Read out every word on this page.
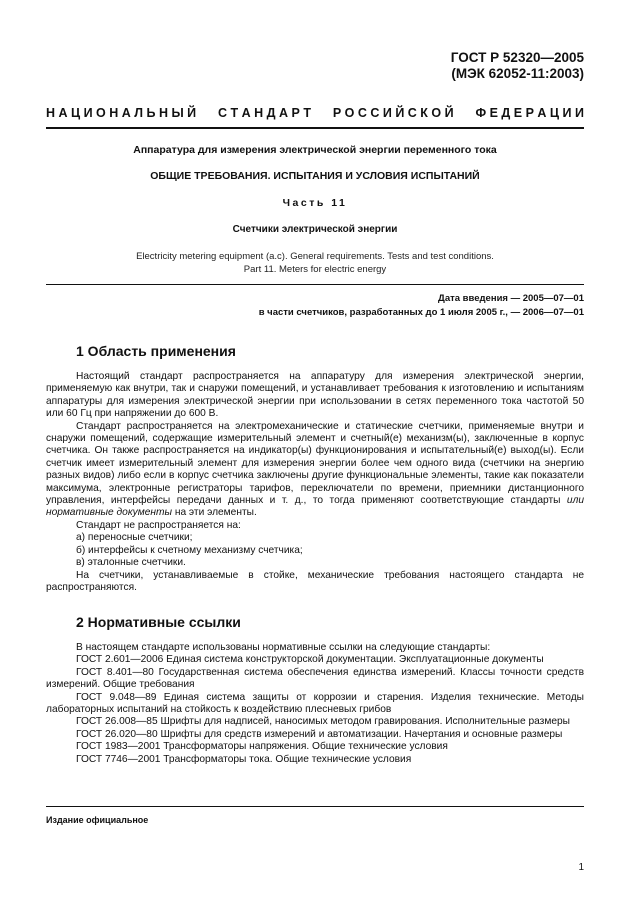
ГОСТ Р 52320—2005
(МЭК 62052-11:2003)
Н А Ц И О Н А Л Ь Н Ы Й С Т А Н Д А Р Т Р О С С И Й С К О Й Ф Е Д Е Р А Ц И И
Аппаратура для измерения электрической энергии переменного тока
ОБЩИЕ ТРЕБОВАНИЯ. ИСПЫТАНИЯ И УСЛОВИЯ ИСПЫТАНИЙ
Часть 11
Счетчики электрической энергии
Electricity metering equipment (a.c). General requirements. Tests and test conditions.
Part 11. Meters for electric energy
Дата введения — 2005—07—01
в части счетчиков, разработанных до 1 июля 2005 г., — 2006—07—01
1 Область применения

Настоящий стандарт распространяется на аппаратуру для измерения электрической энергии, применяемую как внутри, так и снаружи помещений, и устанавливает требования к изготовлению и испытаниям аппаратуры для измерения электрической энергии при использовании в сетях переменного тока частотой 50 или 60 Гц при напряжении до 600 В.

Стандарт распространяется на электромеханические и статические счетчики, применяемые внутри и снаружи помещений, содержащие измерительный элемент и счетный(е) механизм(ы), заключенные в корпус счетчика. Он также распространяется на индикатор(ы) функционирования и испытательный(е) выход(ы). Если счетчик имеет измерительный элемент для измерения энергии более чем одного вида (счетчики на энергию разных видов) либо если в корпус счетчика заключены другие функциональные элементы, такие как показатели максимума, электронные регистраторы тарифов, переключатели по времени, приемники дистанционного управления, интерфейсы передачи данных и т. д., то тогда применяют соответствующие стандарты или нормативные документы на эти элементы.

Стандарт не распространяется на:

а) переносные счетчики;

б) интерфейсы к счетному механизму счетчика;

в) эталонные счетчики.

На счетчики, устанавливаемые в стойке, механические требования настоящего стандарта не распространяются.

2 Нормативные ссылки

В настоящем стандарте использованы нормативные ссылки на следующие стандарты:

ГОСТ 2.601—2006 Единая система конструкторской документации. Эксплуатационные документы

ГОСТ 8.401—80 Государственная система обеспечения единства измерений. Классы точности средств измерений. Общие требования

ГОСТ 9.048—89 Единая система защиты от коррозии и старения. Изделия технические. Методы лабораторных испытаний на стойкость к воздействию плесневых грибов

ГОСТ 26.008—85 Шрифты для надписей, наносимых методом гравирования. Исполнительные размеры

ГОСТ 26.020—80 Шрифты для средств измерений и автоматизации. Начертания и основные размеры

ГОСТ 1983—2001 Трансформаторы напряжения. Общие технические условия

ГОСТ 7746—2001 Трансформаторы тока. Общие технические условия

Издание официальное
1
